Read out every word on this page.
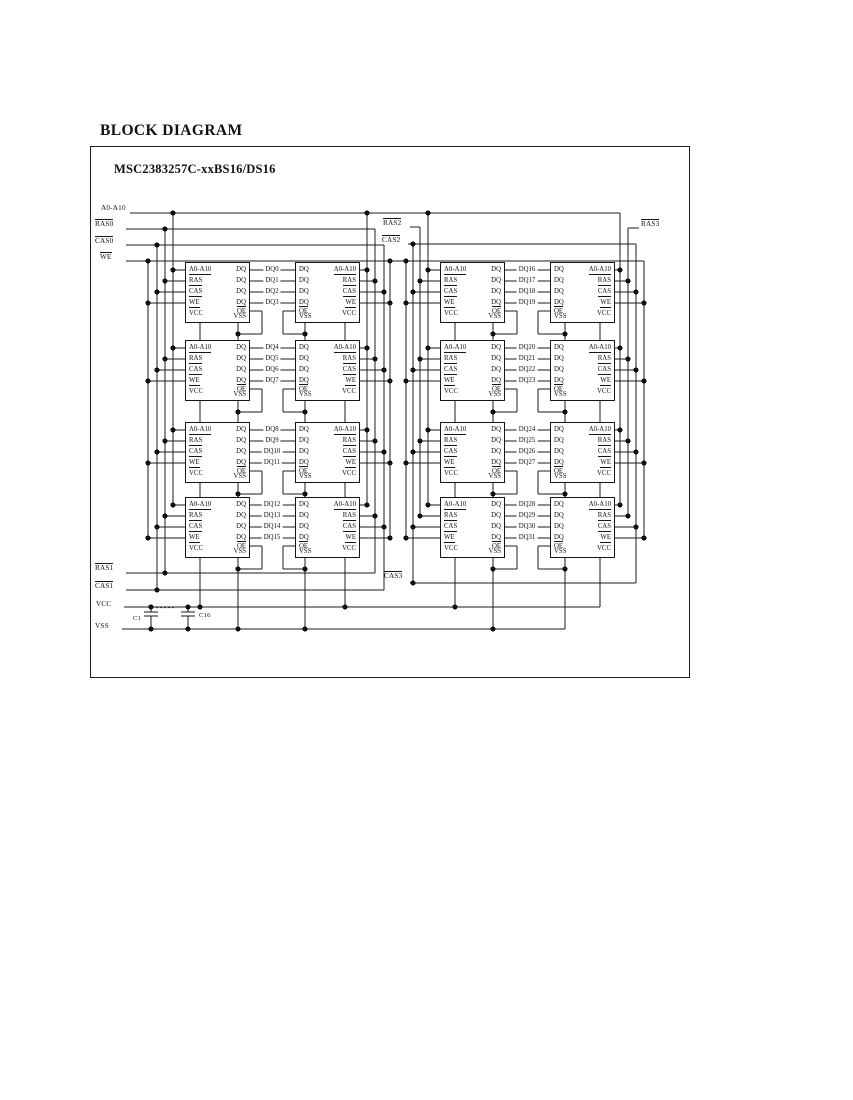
BLOCK DIAGRAM
MSC2383257C-xxBS16/DS16
A0-A10
RAS0
CAS0
WE
RAS2
CAS2
RAS3
RAS1
CAS1
VCC
VSS
CAS3
C1	C16
•••••
A0-A10
RAS
CAS
WE
VCC
DQ
DQ
DQ
DQ
OE
VSS
A0-A10
RAS
CAS
WE
VCC
DQ
DQ
DQ
DQ
OE
VSS
A0-A10
RAS
CAS
WE
VCC
DQ
DQ
DQ
DQ
OE
VSS
A0-A10
RAS
CAS
WE
VCC
DQ
DQ
DQ
DQ
OE
VSS
A0-A10
RAS
CAS
WE
VCC
DQ
DQ
DQ
DQ
OE
VSS
A0-A10
RAS
CAS
WE
VCC
DQ
DQ
DQ
DQ
OE
VSS
A0-A10
RAS
CAS
WE
VCC
DQ
DQ
DQ
DQ
OE
VSS
A0-A10
RAS
CAS
WE
VCC
DQ
DQ
DQ
DQ
OE
VSS
A0-A10
RAS
CAS
WE
VCC
DQ
DQ
DQ
DQ
OE
VSS
A0-A10
RAS
CAS
WE
VCC
DQ
DQ
DQ
DQ
OE
VSS
A0-A10
RAS
CAS
WE
VCC
DQ
DQ
DQ
DQ
OE
VSS
A0-A10
RAS
CAS
WE
VCC
DQ
DQ
DQ
DQ
OE
VSS
A0-A10
RAS
CAS
WE
VCC
DQ
DQ
DQ
DQ
OE
VSS
A0-A10
RAS
CAS
WE
VCC
DQ
DQ
DQ
DQ
OE
VSS
A0-A10
RAS
CAS
WE
VCC
DQ
DQ
DQ
DQ
OE
VSS
A0-A10
RAS
CAS
WE
VCC
DQ
DQ
DQ
DQ
OE
VSS
DQ0
DQ1
DQ2
DQ3
DQ4
DQ5
DQ6
DQ7
DQ8
DQ9
DQ10
DQ11
DQ12
DQ13
DQ14
DQ15
DQ16
DQ17
DQ18
DQ19
DQ20
DQ21
DQ22
DQ23
DQ24
DQ25
DQ26
DQ27
DQ28
DQ29
DQ30
DQ31
